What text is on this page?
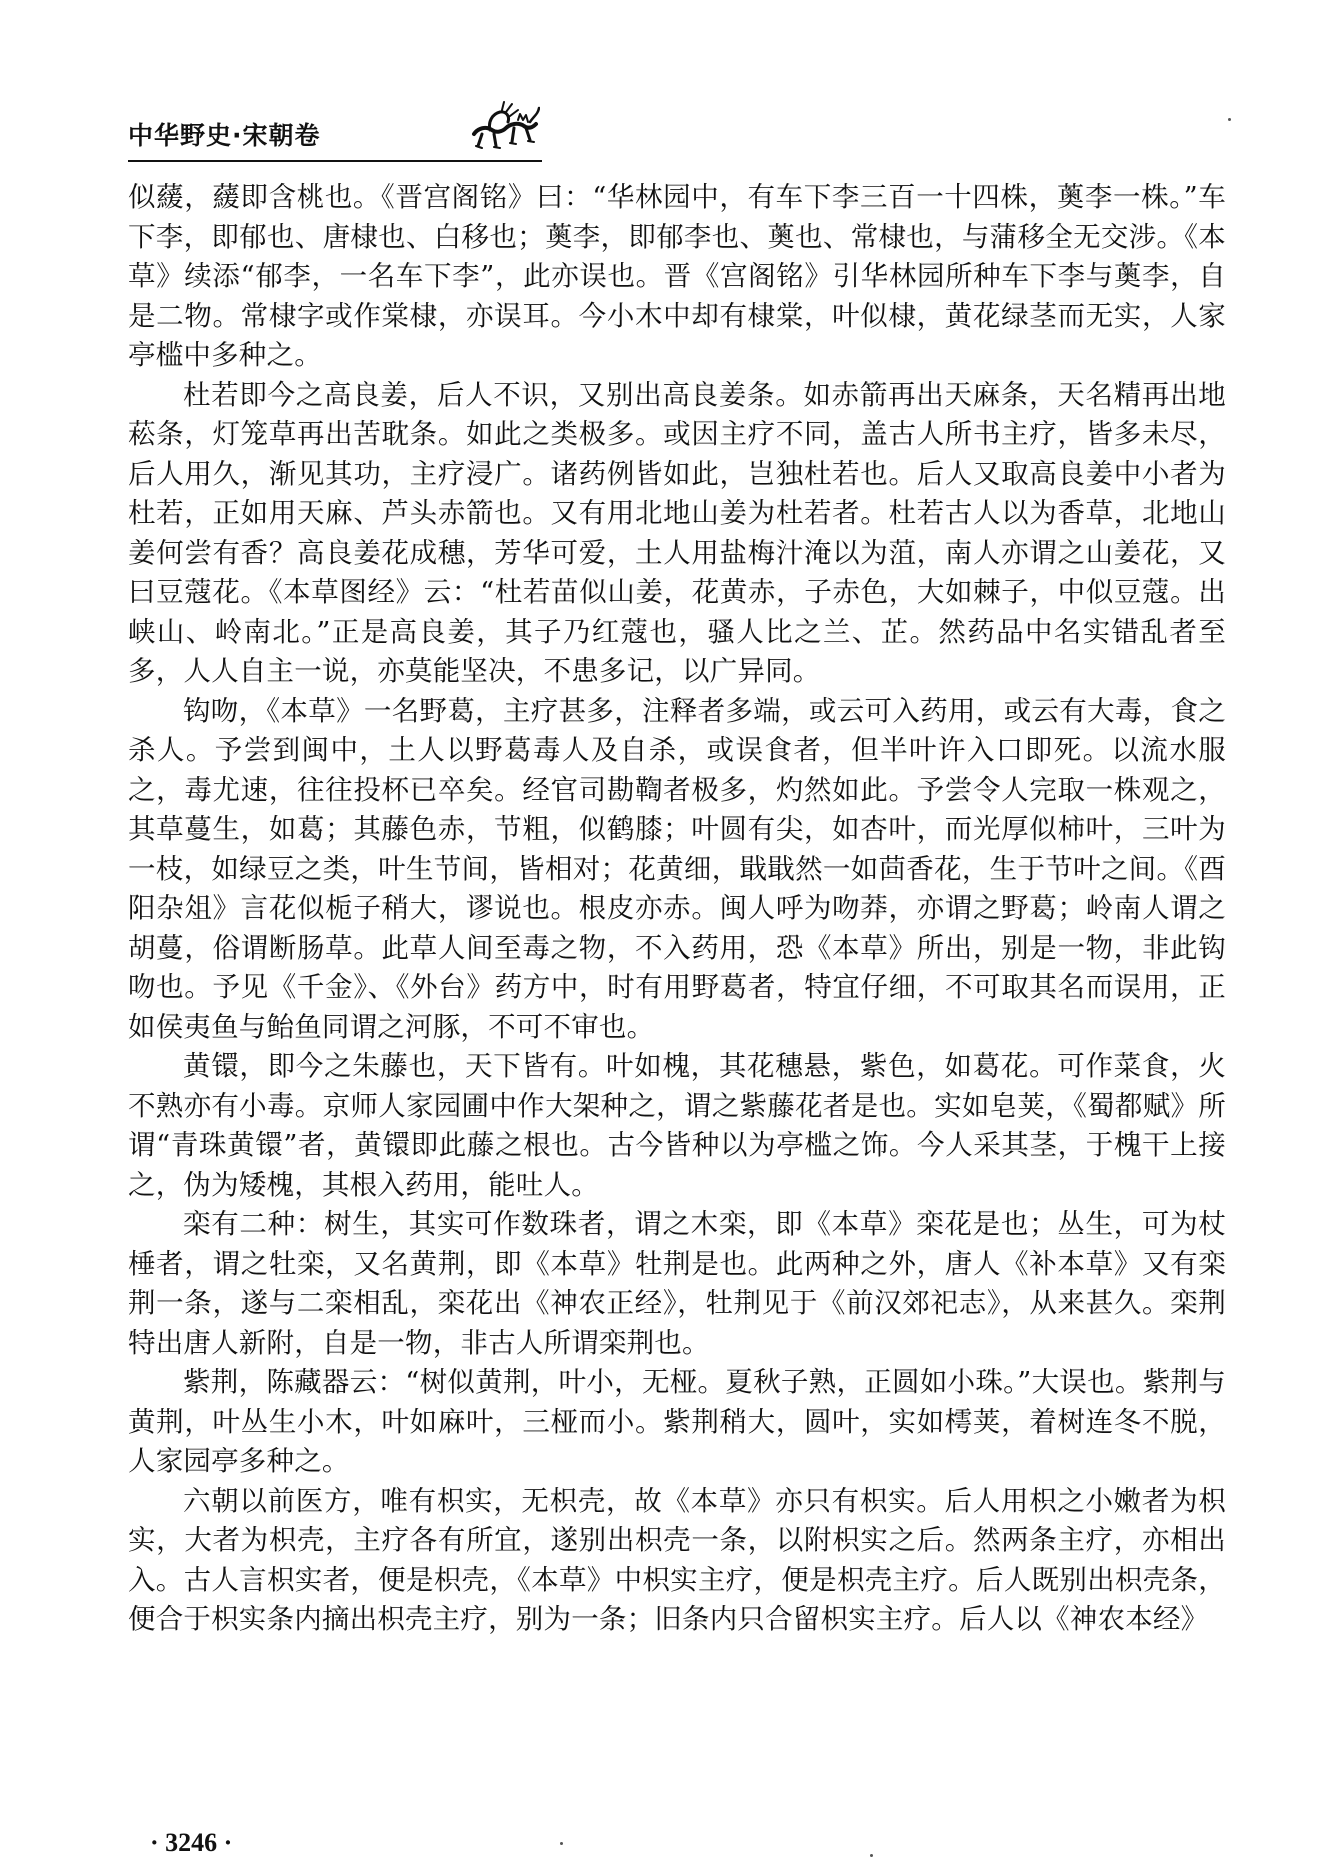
中华野史·宋朝卷

似藧，藧即含桃也。《晋宫阁铭》曰：“华林园中，有车下李三百一十四株，薁李一株。”车下李，即郁也、唐棣也、白移也；薁李，即郁李也、薁也、常棣也，与蒲移全无交涉。《本草》续添“郁李，一名车下李”，此亦误也。晋《宫阁铭》引华林园所种车下李与薁李，自是二物。常棣字或作棠棣，亦误耳。今小木中却有棣棠，叶似棣，黄花绿茎而无实，人家亭槛中多种之。

杜若即今之高良姜，后人不识，又别出高良姜条。如赤箭再出天麻条，天名精再出地菘条，灯笼草再出苦耽条。如此之类极多。或因主疗不同，盖古人所书主疗，皆多未尽，后人用久，渐见其功，主疗浸广。诸药例皆如此，岂独杜若也。后人又取高良姜中小者为杜若，正如用天麻、芦头赤箭也。又有用北地山姜为杜若者。杜若古人以为香草，北地山姜何尝有香？高良姜花成穗，芳华可爱，土人用盐梅汁淹以为菹，南人亦谓之山姜花，又曰豆蔻花。《本草图经》云：“杜若苗似山姜，花黄赤，子赤色，大如棘子，中似豆蔻。出峡山、岭南北。”正是高良姜，其子乃红蔻也，骚人比之兰、芷。然药品中名实错乱者至多，人人自主一说，亦莫能坚决，不患多记，以广异同。

钩吻，《本草》一名野葛，主疗甚多，注释者多端，或云可入药用，或云有大毒，食之杀人。予尝到闽中，土人以野葛毒人及自杀，或误食者，但半叶许入口即死。以流水服之，毒尤速，往往投杯已卒矣。经官司勘鞫者极多，灼然如此。予尝令人完取一株观之，其草蔓生，如葛；其藤色赤，节粗，似鹤膝；叶圆有尖，如杏叶，而光厚似柿叶，三叶为一枝，如绿豆之类，叶生节间，皆相对；花黄细，戢戢然一如茴香花，生于节叶之间。《酉阳杂俎》言花似栀子稍大，谬说也。根皮亦赤。闽人呼为吻莽，亦谓之野葛；岭南人谓之胡蔓，俗谓断肠草。此草人间至毒之物，不入药用，恐《本草》所出，别是一物，非此钩吻也。予见《千金》、《外台》药方中，时有用野葛者，特宜仔细，不可取其名而误用，正如侯夷鱼与鲐鱼同谓之河豚，不可不审也。

黄镮，即今之朱藤也，天下皆有。叶如槐，其花穗悬，紫色，如葛花。可作菜食，火不熟亦有小毒。京师人家园圃中作大架种之，谓之紫藤花者是也。实如皂荚，《蜀都赋》所谓“青珠黄镮”者，黄镮即此藤之根也。古今皆种以为亭槛之饰。今人采其茎，于槐干上接之，伪为矮槐，其根入药用，能吐人。

栾有二种：树生，其实可作数珠者，谓之木栾，即《本草》栾花是也；丛生，可为杖棰者，谓之牡栾，又名黄荆，即《本草》牡荆是也。此两种之外，唐人《补本草》又有栾荆一条，遂与二栾相乱，栾花出《神农正经》，牡荆见于《前汉郊祀志》，从来甚久。栾荆特出唐人新附，自是一物，非古人所谓栾荆也。

紫荆，陈藏器云：“树似黄荆，叶小，无桠。夏秋子熟，正圆如小珠。”大误也。紫荆与黄荆，叶丛生小木，叶如麻叶，三桠而小。紫荆稍大，圆叶，实如樗荚，着树连冬不脱，人家园亭多种之。

六朝以前医方，唯有枳实，无枳壳，故《本草》亦只有枳实。后人用枳之小嫩者为枳实，大者为枳壳，主疗各有所宜，遂别出枳壳一条，以附枳实之后。然两条主疗，亦相出入。古人言枳实者，便是枳壳，《本草》中枳实主疗，便是枳壳主疗。后人既别出枳壳条，便合于枳实条内摘出枳壳主疗，别为一条；旧条内只合留枳实主疗。后人以《神农本经》

· 3246 ·
